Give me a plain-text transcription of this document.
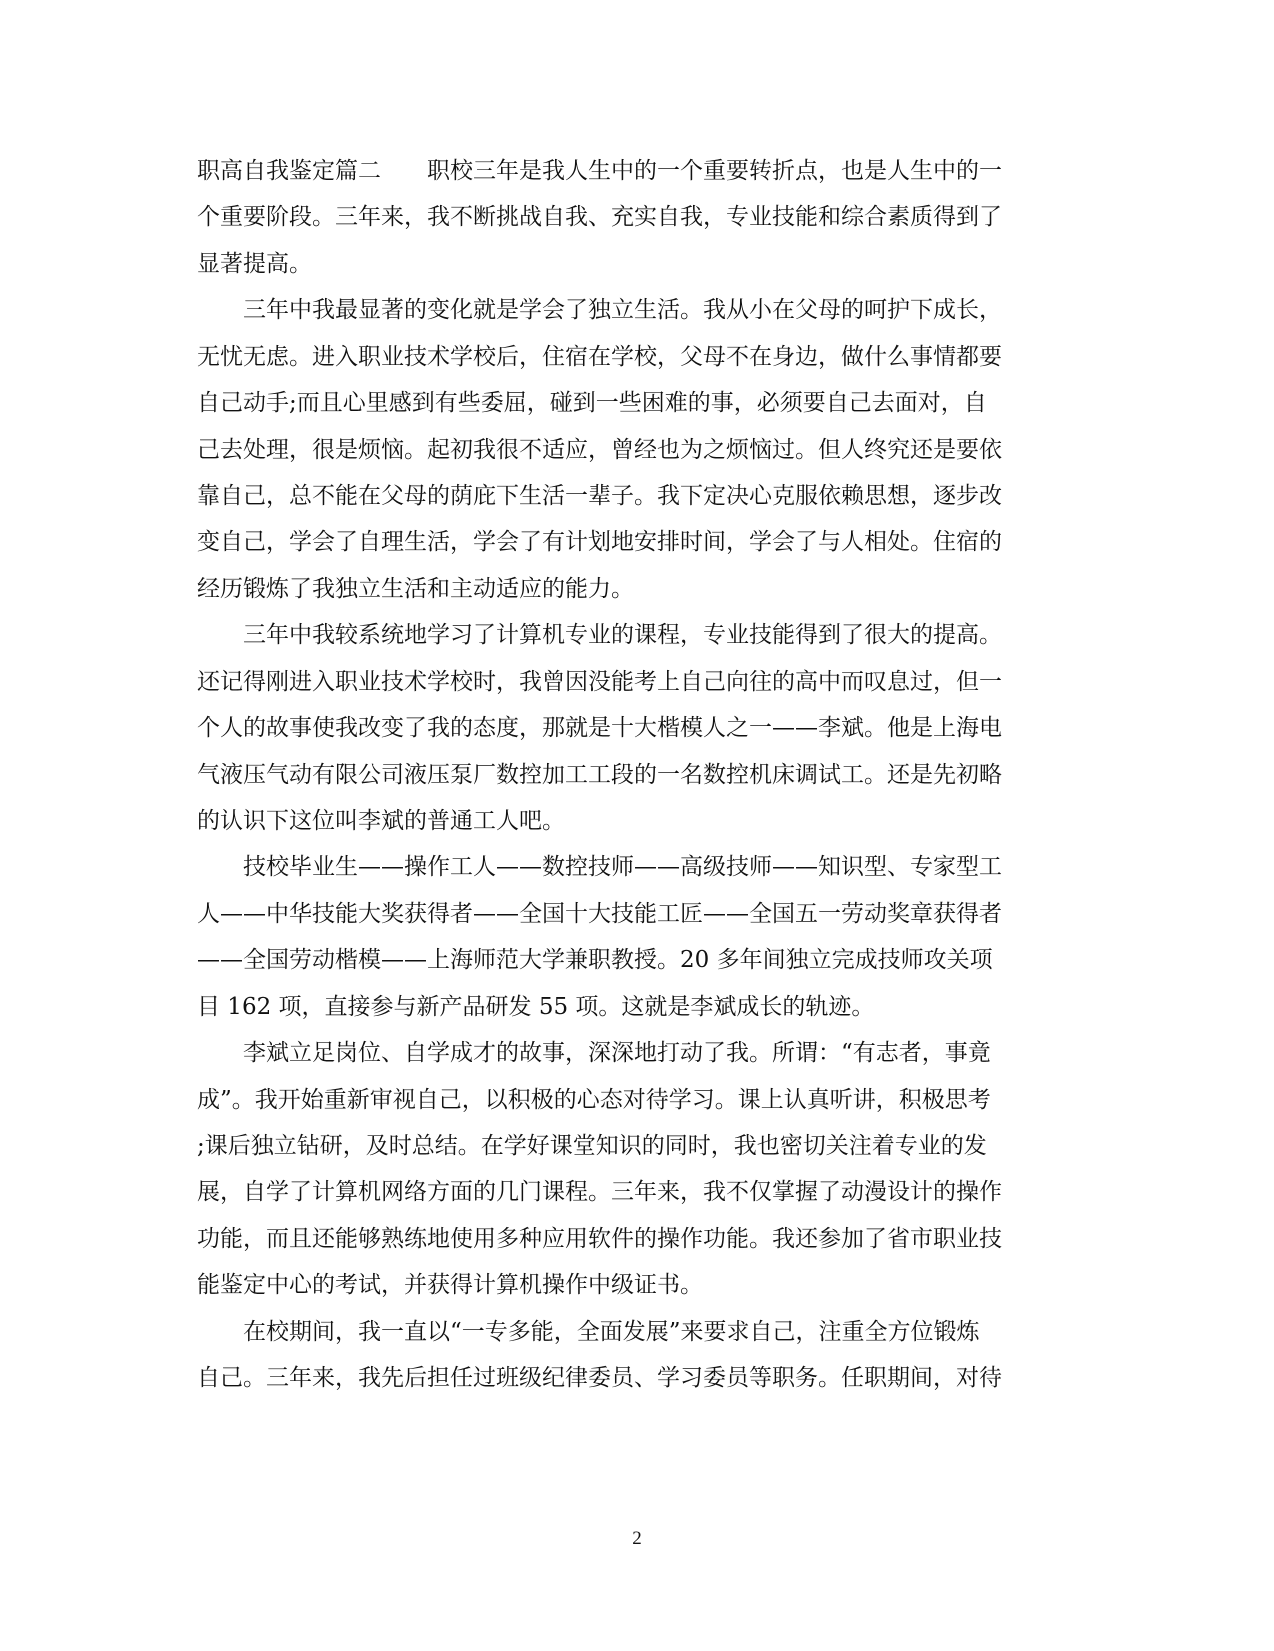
职高自我鉴定篇二　　职校三年是我人生中的一个重要转折点，也是人生中的一
个重要阶段。三年来，我不断挑战自我、充实自我，专业技能和综合素质得到了
显著提高。
　　三年中我最显著的变化就是学会了独立生活。我从小在父母的呵护下成长，
无忧无虑。进入职业技术学校后，住宿在学校，父母不在身边，做什么事情都要
自己动手;而且心里感到有些委屈，碰到一些困难的事，必须要自己去面对，自
己去处理，很是烦恼。起初我很不适应，曾经也为之烦恼过。但人终究还是要依
靠自己，总不能在父母的荫庇下生活一辈子。我下定决心克服依赖思想，逐步改
变自己，学会了自理生活，学会了有计划地安排时间，学会了与人相处。住宿的
经历锻炼了我独立生活和主动适应的能力。
　　三年中我较系统地学习了计算机专业的课程，专业技能得到了很大的提高。
还记得刚进入职业技术学校时，我曾因没能考上自己向往的高中而叹息过，但一
个人的故事使我改变了我的态度，那就是十大楷模人之一——李斌。他是上海电
气液压气动有限公司液压泵厂数控加工工段的一名数控机床调试工。还是先初略
的认识下这位叫李斌的普通工人吧。
　　技校毕业生——操作工人——数控技师——高级技师——知识型、专家型工
人——中华技能大奖获得者——全国十大技能工匠——全国五一劳动奖章获得者
——全国劳动楷模——上海师范大学兼职教授。20 多年间独立完成技师攻关项
目 162 项，直接参与新产品研发 55 项。这就是李斌成长的轨迹。
　　李斌立足岗位、自学成才的故事，深深地打动了我。所谓：“有志者，事竟
成”。我开始重新审视自己，以积极的心态对待学习。课上认真听讲，积极思考
;课后独立钻研，及时总结。在学好课堂知识的同时，我也密切关注着专业的发
展，自学了计算机网络方面的几门课程。三年来，我不仅掌握了动漫设计的操作
功能，而且还能够熟练地使用多种应用软件的操作功能。我还参加了省市职业技
能鉴定中心的考试，并获得计算机操作中级证书。
　　在校期间，我一直以“一专多能，全面发展”来要求自己，注重全方位锻炼
自己。三年来，我先后担任过班级纪律委员、学习委员等职务。任职期间，对待
2
